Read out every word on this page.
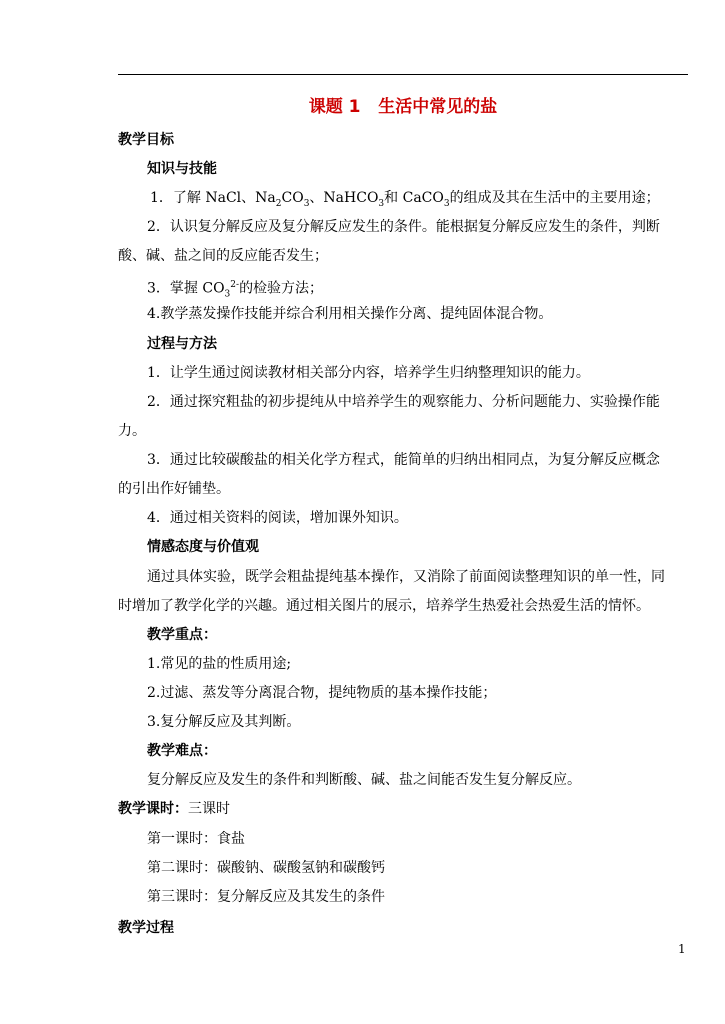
课题 1   生活中常见的盐
教学目标
知识与技能
1．了解 NaCl、$Na_2CO_3$、NaHCO$_3$和 CaCO$_3$的组成及其在生活中的主要用途；
2．认识复分解反应及复分解反应发生的条件。能根据复分解反应发生的条件，判断
酸、碱、盐之间的反应能否发生；
3．掌握 $CO_3^{2-}$的检验方法；
4.教学蒸发操作技能并综合利用相关操作分离、提纯固体混合物。
过程与方法
1．让学生通过阅读教材相关部分内容，培养学生归纳整理知识的能力。
2．通过探究粗盐的初步提纯从中培养学生的观察能力、分析问题能力、实验操作能
力。
3．通过比较碳酸盐的相关化学方程式，能简单的归纳出相同点，为复分解反应概念
的引出作好铺垫。
4．通过相关资料的阅读，增加课外知识。
情感态度与价值观
通过具体实验，既学会粗盐提纯基本操作，又消除了前面阅读整理知识的单一性，同
时增加了教学化学的兴趣。通过相关图片的展示，培养学生热爱社会热爱生活的情怀。
教学重点：
1.常见的盐的性质用途;
2.过滤、蒸发等分离混合物，提纯物质的基本操作技能；
3.复分解反应及其判断。
教学难点：
复分解反应及发生的条件和判断酸、碱、盐之间能否发生复分解反应。
教学课时：三课时
第一课时：食盐
第二课时：碳酸钠、碳酸氢钠和碳酸钙
第三课时：复分解反应及其发生的条件
教学过程
1
